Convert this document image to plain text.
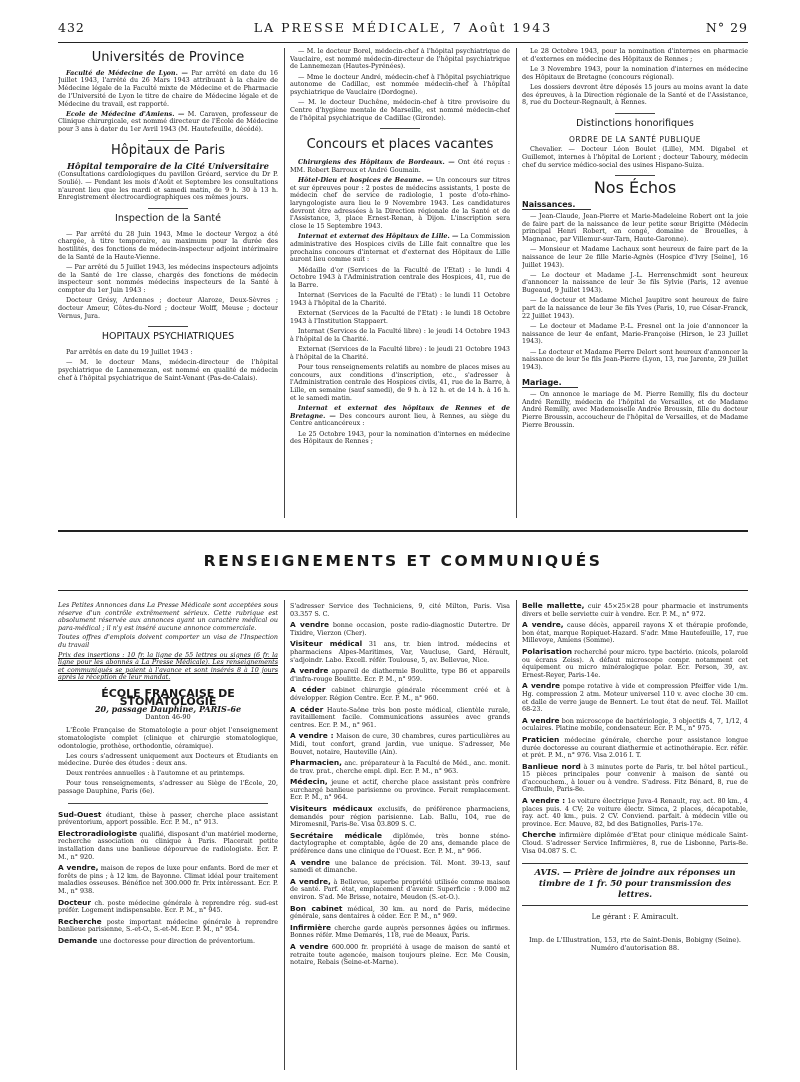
432	LA PRESSE MÉDICALE, 7 Août 1943	N° 29
Universités de Province

Faculté de Médecine de Lyon. — Par arrêté en date du 16 Juillet 1943, l'arrêté du 26 Mars 1943 attribuant à la chaire de Médecine légale de la Faculté mixte de Médecine et de Pharmacie de l'Université de Lyon le titre de chaire de Médecine légale et de Médecine du travail, est rapporté.

Ecole de Médecine d'Amiens. — M. Caraven, professeur de Clinique chirurgicale, est nommé directeur de l'École de Médecine pour 3 ans à dater du 1er Avril 1943 (M. Hautefeuille, décédé).

Hôpitaux de Paris
Hôpital temporaire de la Cité Universitaire

(Consultations cardiologiques du pavillon Gréard, service du Dr P. Soulié). — Pendant les mois d'Août et Septembre les consultations n'auront lieu que les mardi et samedi matin, de 9 h. 30 à 13 h. Enregistrement électrocardiographiques ces mêmes jours.

Inspection de la Santé

— Par arrêté du 28 Juin 1943, Mme le docteur Vergoz a été chargée, à titre temporaire, au maximum pour la durée des hostilités, des fonctions de médecin-inspecteur adjoint intérimaire de la Santé de la Haute-Vienne.

— Par arrêté du 5 Juillet 1943, les médecins inspecteurs adjoints de la Santé de 1re classe, chargés des fonctions de médecin inspecteur sont nommés médecins inspecteurs de la Santé à compter du 1er Juin 1943 :

Docteur Grésy, Ardennes ; docteur Alaroze, Deux-Sèvres ; docteur Ameur, Côtes-du-Nord ; docteur Wolff, Meuse ; docteur Vernus, Jura.

HOPITAUX PSYCHIATRIQUES

Par arrêtés en date du 19 Juillet 1943 :

— M. le docteur Mans, médecin-directeur de l'hôpital psychiatrique de Lannemezan, est nommé en qualité de médecin chef à l'hôpital psychiatrique de Saint-Venant (Pas-de-Calais).

— M. le docteur Borel, médecin-chef à l'hôpital psychiatrique de Vauclaire, est nommé médecin-directeur de l'hôpital psychiatrique de Lannemezan (Hautes-Pyrénées).

— Mme le docteur André, médecin-chef à l'hôpital psychiatrique autonome de Cadillac, est nommée médecin-chef à l'hôpital psychiatrique de Vauclaire (Dordogne).

— M. le docteur Duchêne, médecin-chef à titre provisoire du Centre d'hygiène mentale de Marseille, est nommé médecin-chef de l'hôpital psychiatrique de Cadillac (Gironde).

Concours et places vacantes

Chirurgiens des Hôpitaux de Bordeaux. — Ont été reçus : MM. Robert Barroux et André Goumain.

Hôtel-Dieu et hospices de Beaune. — Un concours sur titres et sur épreuves pour : 2 postes de médecins assistants, 1 poste de médecin chef de service de radiologie, 1 poste d'oto-rhino-laryngologiste aura lieu le 9 Novembre 1943. Les candidatures devront être adressées à la Direction régionale de la Santé et de l'Assistance, 3, place Ernest-Renan, à Dijon. L'inscription sera close le 15 Septembre 1943.

Internat et externat des Hôpitaux de Lille. — La Commission administrative des Hospices civils de Lille fait connaître que les prochains concours d'internat et d'externat des Hôpitaux de Lille auront lieu comme suit :

Médaille d'or (Services de la Faculté de l'Etat) : le lundi 4 Octobre 1943 à l'Administration centrale des Hospices, 41, rue de la Barre.

Internat (Services de la Faculté de l'Etat) : le lundi 11 Octobre 1943 à l'hôpital de la Charité.

Externat (Services de la Faculté de l'Etat) : le lundi 18 Octobre 1943 à l'Institution Stappaert.

Internat (Services de la Faculté libre) : le jeudi 14 Octobre 1943 à l'hôpital de la Charité.

Externat (Services de la Faculté libre) : le jeudi 21 Octobre 1943 à l'hôpital de la Charité.

Pour tous renseignements relatifs au nombre de places mises au concours, aux conditions d'inscription, etc., s'adresser à l'Administration centrale des Hospices civils, 41, rue de la Barre, à Lille, en semaine (sauf samedi), de 9 h. à 12 h. et de 14 h. à 16 h. et le samedi matin.

Internat et externat des hôpitaux de Rennes et de Bretagne. — Des concours auront lieu, à Rennes, au siège du Centre anticancéreux :

Le 25 Octobre 1943, pour la nomination d'internes en médecine des Hôpitaux de Rennes ;

Le 28 Octobre 1943, pour la nomination d'internes en pharmacie et d'externes en médecine des Hôpitaux de Rennes ;

Le 3 Novembre 1943, pour la nomination d'internes en médecine des Hôpitaux de Bretagne (concours régional).

Les dossiers devront être déposés 15 jours au moins avant la date des épreuves, à la Direction régionale de la Santé et de l'Assistance, 8, rue du Docteur-Regnault, à Rennes.

Distinctions honorifiques
ORDRE DE LA SANTÉ PUBLIQUE

Chevalier. — Docteur Léon Boulet (Lille), MM. Digabel et Guillemot, internes à l'hôpital de Lorient ; docteur Taboury, médecin chef du service médico-social des usines Hispano-Suiza.

Nos Échos
Naissances.

— Jean-Claude, Jean-Pierre et Marie-Madeleine Robert ont la joie de faire part de la naissance de leur petite sœur Brigitte (Médecin principal Henri Robert, en congé, domaine de Brouelles, à Magnanac, par Villemur-sur-Tarn, Haute-Garonne).

— Monsieur et Madame Lachaux sont heureux de faire part de la naissance de leur 2e fille Marie-Agnès (Hospice d'Ivry [Seine], 16 Juillet 1943).

— Le docteur et Madame J.-L. Herrenschmidt sont heureux d'annoncer la naissance de leur 3e fils Sylvie (Paris, 12 avenue Bugeaud, 9 Juillet 1943).

— Le docteur et Madame Michel Jaupitre sont heureux de faire part de la naissance de leur 3e fils Yves (Paris, 10, rue César-Franck, 22 Juillet 1943).

— Le docteur et Madame P.-L. Fresnel ont la joie d'annoncer la naissance de leur 4e enfant, Marie-Françoise (Hirson, le 23 Juillet 1943).

— Le docteur et Madame Pierre Delort sont heureux d'annoncer la naissance de leur 5e fils Jean-Pierre (Lyon, 13, rue Jarente, 29 Juillet 1943).

Mariage.

— On annonce le mariage de M. Pierre Remilly, fils du docteur André Remilly, médecin de l'hôpital de Versailles, et de Madame André Remilly, avec Mademoiselle Andrée Broussin, fille du docteur Pierre Broussin, accoucheur de l'hôpital de Versailles, et de Madame Pierre Broussin.

RENSEIGNEMENTS ET COMMUNIQUÉS

Les Petites Annonces dans La Presse Médicale sont acceptées sous réserve d'un contrôle extrêmement sérieux. Cette rubrique est absolument réservée aux annonces ayant un caractère médical ou para-médical ; il n'y est inséré aucune annonce commerciale.

Toutes offres d'emplois doivent comporter un visa de l'Inspection du travail

Prix des insertions : 10 fr. la ligne de 55 lettres ou signes (6 fr. la ligne pour les abonnés à La Presse Médicale). Les renseignements et communiqués se paient à l'avance et sont insérés 8 à 10 jours après la réception de leur mandat.

ÉCOLE FRANÇAISE DE STOMATOLOGIE
20, passage Dauphine, PARIS-6e
Danton 46-90

L'École Française de Stomatologie a pour objet l'enseignement stomatologiste complet (clinique et chirurgie stomatologique, odontologie, prothèse, orthodontie, céramique).

Les cours s'adressent uniquement aux Docteurs et Étudiants en médecine. Durée des études : deux ans.

Deux rentrées annuelles : à l'automne et au printemps.

Pour tous renseignements, s'adresser au Siège de l'École, 20, passage Dauphine, Paris (6e).

Sud-Ouest étudiant, thèse à passer, cherche place assistant préventorium, apport possible. Ecr. P. M., n° 913.

Electroradiologiste qualifié, disposant d'un matériel moderne, recherche association ou clinique à Paris. Placerait petite installation dans une banlieue dépourvue de radiologiste. Ecr. P. M., n° 920.

A vendre, maison de repos de luxe pour enfants. Bord de mer et forêts de pins ; à 12 km. de Bayonne. Climat idéal pour traitement maladies osseuses. Bénéfice net 300.000 fr. Prix intéressant. Ecr. P. M., n° 938.

Docteur ch. poste médecine générale à reprendre rég. sud-est préfér. Logement indispensable. Ecr. P. M., n° 945.

Recherche poste important médecine générale à reprendre banlieue parisienne, S.-et-O., S.-et-M. Ecr. P. M., n° 954.

Demande une doctoresse pour direction de préventorium.

S'adresser Service des Techniciens, 9, cité Milton, Paris. Visa 03.357 S. C.

A vendre bonne occasion, poste radio-diagnostic Dutertre. Dr Tixidre, Vierzon (Cher).

Visiteur médical 31 ans, tr. bien introd. médecins et pharmaciens Alpes-Maritimes, Var, Vaucluse, Gard, Hérault, s'adjoindr. Labo. Excell. référ. Toulouse, 5, av. Bellevue, Nice.

A vendre appareil de diathermie Boulitte, type B6 et appareils d'infra-rouge Boulitte. Ecr. P. M., n° 959.

A céder cabinet chirurgie générale récemment créé et à développer. Région Centre. Ecr. P. M., n° 960.

A céder Haute-Saône très bon poste médical, clientèle rurale, ravitaillement facile. Communications assurées avec grands centres. Ecr. P. M., n° 961.

A vendre : Maison de cure, 30 chambres, cures particulières au Midi, tout confort, grand jardin, vue unique. S'adresser, Me Bouvet, notaire, Hauteville (Ain).

Pharmacien, anc. préparateur à la Faculté de Méd., anc. monit. de trav. prat., cherche empl. dipl. Ecr. P. M., n° 963.

Médecin, jeune et actif, cherche place assistant près confrère surchargé banlieue parisienne ou province. Ferait remplacement. Ecr. P. M., n° 964.

Visiteurs médicaux exclusifs, de préférence pharmaciens, demandés pour région parisienne. Lab. Ballu, 104, rue de Miromesnil, Paris-8e. Visa 03.809 S. C.

Secrétaire médicale diplômée, très bonne sténo-dactylographe et comptable, âgée de 20 ans, demande place de préférence dans une clinique de l'Ouest. Ecr. P. M., n° 966.

A vendre une balance de précision. Tél. Mont. 39-13, sauf samedi et dimanche.

A vendre, à Bellevue, superbe propriété utilisée comme maison de santé. Parf. état, emplacement d'avenir. Superficie : 9.000 m2 environ. S'ad. Me Brisse, notaire, Meudon (S.-et-O.).

Bon cabinet médical, 30 km. au nord de Paris, médecine générale, sans dentaires à céder. Ecr. P. M., n° 969.

Infirmière cherche garde auprès personnes âgées ou infirmes. Bonnes référ. Mme Demarés, 118, rue de Meaux, Paris.

A vendre 600.000 fr. propriété à usage de maison de santé et retraite toute agencée, maison toujours pleine. Ecr. Me Cousin, notaire, Rebais (Seine-et-Marne).

Belle mallette, cuir 45×25×28 pour pharmacie et instruments divers et belle serviette cuir à vendre. Ecr. P. M., n° 972.

A vendre, cause décès, appareil rayons X et thérapie profonde, bon état, marque Ropiquet-Hazard. S'adr. Mme Hautefeuille, 17, rue Millevoye, Amiens (Somme).

Polarisation recherché pour micro. type bactério. (nicols, polaroïd ou écrans Zeiss). A défaut microscope compr. notamment cet équipement ou micro minéralogique polar. Ecr. Person, 39, av. Ernest-Reyer, Paris-14e.

A vendre pompe rotative à vide et compression Pfeiffer vide 1/m. Hg. compression 2 atm. Moteur universel 110 v. avec cloche 30 cm. et dalle de verre jauge de Bennert. Le tout état de neuf. Tél. Maillot 68-23.

A vendre bon microscope de bactériologie, 3 objectifs 4, 7, 1/12, 4 oculaires. Platine mobile, condensateur. Ecr. P. M., n° 975.

Praticien médecine générale, cherche pour assistance longue durée doctoresse au courant diathermie et actinothérapie. Ecr. référ. et prét. P. M., n° 976. Visa 2.016 I. T.

Banlieue nord à 3 minutes porte de Paris, tr. bel hôtel particul., 15 pièces principales pour convenir à maison de santé ou d'accouchem., à louer ou à vendre. S'adress. Fitz Bénard, 8, rue de Greffhule, Paris-8e.

A vendre : 1e voiture électrique Juva-4 Renault, ray. act. 80 km., 4 places puis. 4 CV; 2e voiture électr. Simca, 2 places, décapotable, ray. act. 40 km., puis. 2 CV. Conviend. parfait. à médecin ville ou province. Ecr. Mauve, 82, bd des Batignolles, Paris-17e.

Cherche infirmière diplômée d'Etat pour clinique médicale Saint-Cloud. S'adresser Service Infirmières, 8, rue de Lisbonne, Paris-8e. Visa 04.087 S. C.

AVIS. — Prière de joindre aux réponses un timbre de 1 fr. 50 pour transmission des lettres.
Le gérant : F. Amiracult.
Imp. de L'Illustration, 153, rte de Saint-Denis, Bobigny (Seine).
Numéro d'autorisation 88.
